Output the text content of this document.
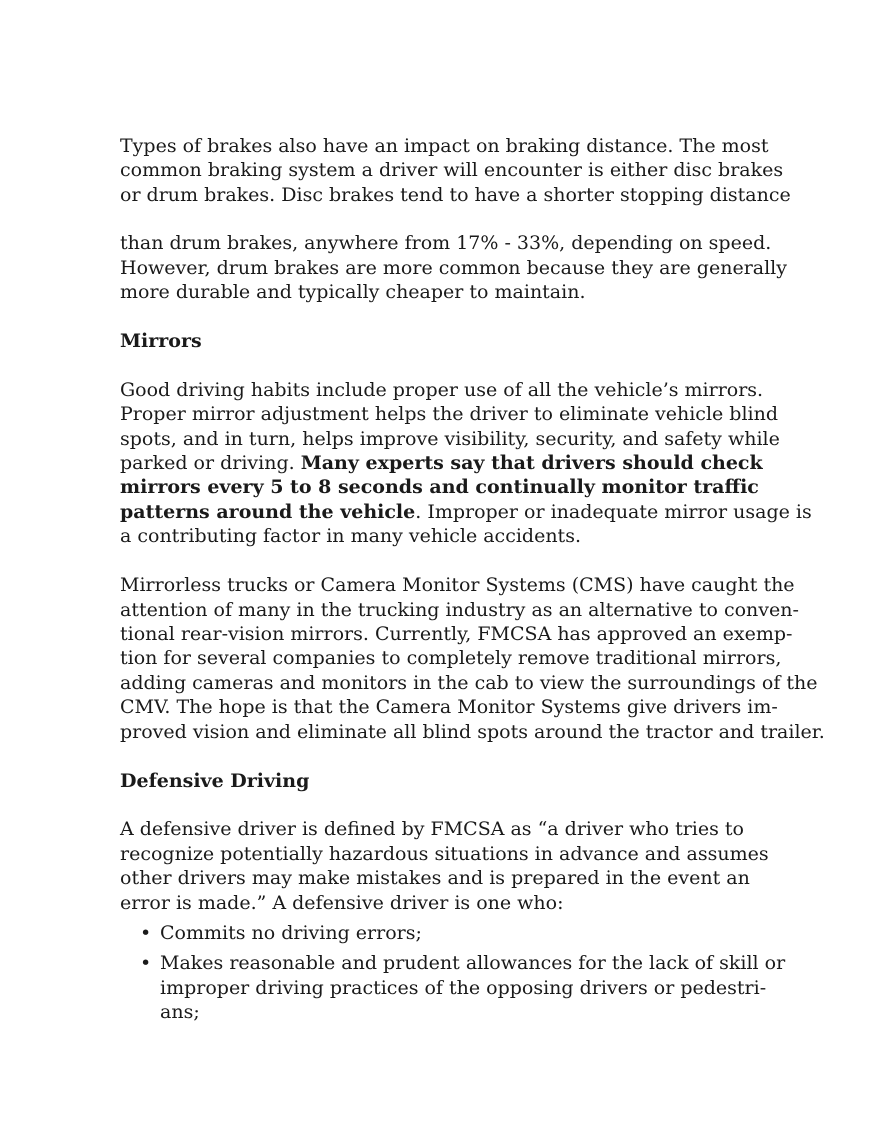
Types of brakes also have an impact on braking distance. The most
common braking system a driver will encounter is either disc brakes
or drum brakes. Disc brakes tend to have a shorter stopping distance

than drum brakes, anywhere from 17% - 33%, depending on speed.
However, drum brakes are more common because they are generally
more durable and typically cheaper to maintain.

Mirrors

Good driving habits include proper use of all the vehicle’s mirrors.
Proper mirror adjustment helps the driver to eliminate vehicle blind
spots, and in turn, helps improve visibility, security, and safety while
parked or driving. Many experts say that drivers should check
mirrors every 5 to 8 seconds and continually monitor traffic
patterns around the vehicle. Improper or inadequate mirror usage is
a contributing factor in many vehicle accidents.

Mirrorless trucks or Camera Monitor Systems (CMS) have caught the
attention of many in the trucking industry as an alternative to conven-
tional rear-vision mirrors. Currently, FMCSA has approved an exemp-
tion for several companies to completely remove traditional mirrors,
adding cameras and monitors in the cab to view the surroundings of the
CMV. The hope is that the Camera Monitor Systems give drivers im-
proved vision and eliminate all blind spots around the tractor and trailer.

Defensive Driving

A defensive driver is defined by FMCSA as “a driver who tries to
recognize potentially hazardous situations in advance and assumes
other drivers may make mistakes and is prepared in the event an
error is made.” A defensive driver is one who:

• Commits no driving errors;
• Makes reasonable and prudent allowances for the lack of skill or
improper driving practices of the opposing drivers or pedestri-
ans;
